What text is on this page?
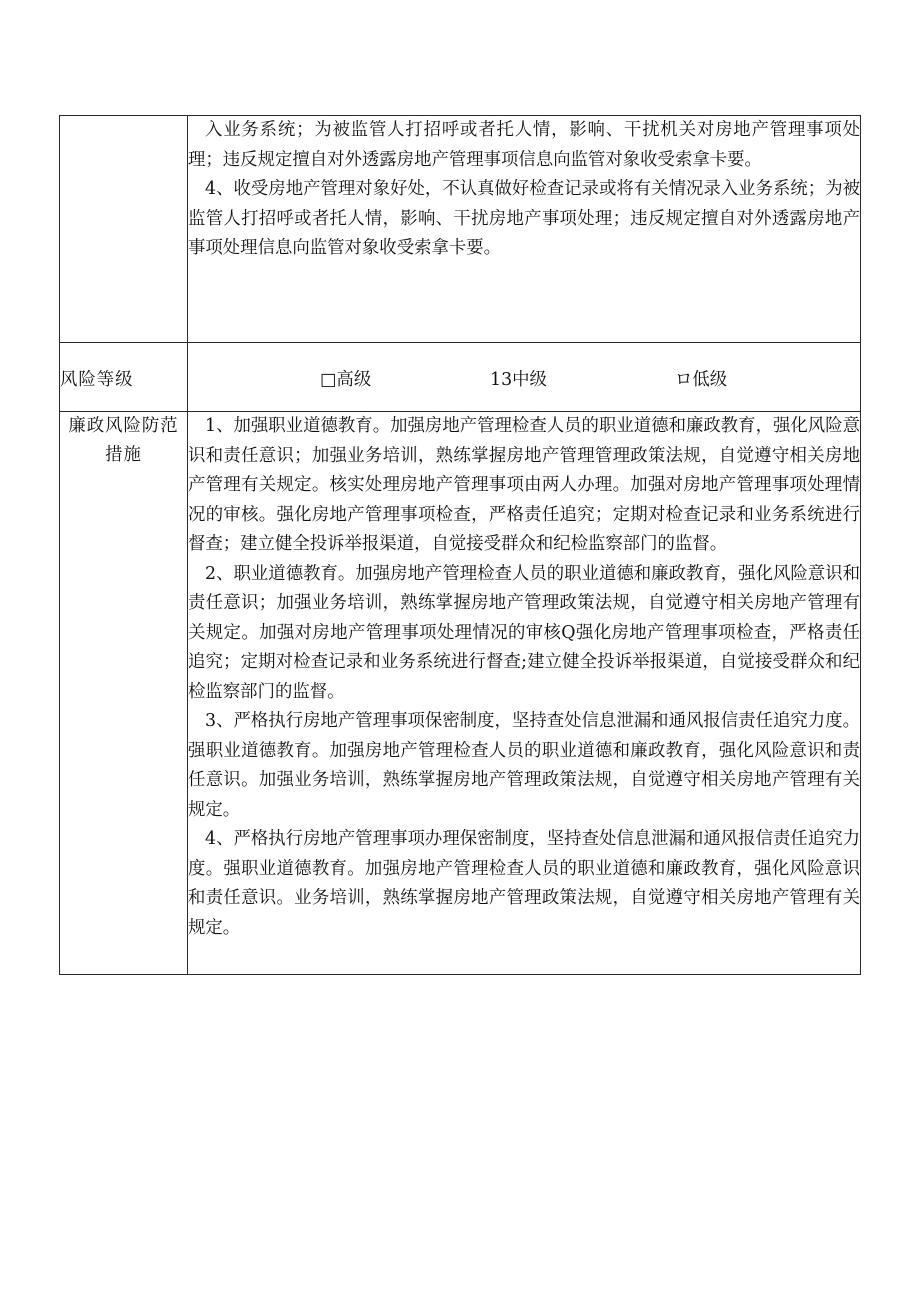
	入业务系统；为被监管人打招呼或者托人情，影响、干扰机关对房地产管理事项处理；违反规定擅自对外透露房地产管理事项信息向监管对象收受索拿卡要。

4、收受房地产管理对象好处，不认真做好检查记录或将有关情况录入业务系统；为被监管人打招呼或者托人情，影响、干扰房地产事项处理；违反规定擅自对外透露房地产事项处理信息向监管对象收受索拿卡要。

风险等级	□高级 13中级 ロ低级

廉政风险防范措施	1、加强职业道德教育。加强房地产管理检查人员的职业道德和廉政教育，强化风险意识和责任意识；加强业务培训，熟练掌握房地产管理管理政策法规，自觉遵守相关房地产管理有关规定。核实处理房地产管理事项由两人办理。加强对房地产管理事项处理情况的审核。强化房地产管理事项检查，严格责任追究；定期对检查记录和业务系统进行督查；建立健全投诉举报渠道，自觉接受群众和纪检监察部门的监督。

2、职业道德教育。加强房地产管理检查人员的职业道德和廉政教育，强化风险意识和责任意识；加强业务培训，熟练掌握房地产管理政策法规，自觉遵守相关房地产管理有关规定。加强对房地产管理事项处理情况的审核Q强化房地产管理事项检查，严格责任追究；定期对检查记录和业务系统进行督查;建立健全投诉举报渠道，自觉接受群众和纪检监察部门的监督。

3、严格执行房地产管理事项保密制度，坚持查处信息泄漏和通风报信责任追究力度。强职业道德教育。加强房地产管理检查人员的职业道德和廉政教育，强化风险意识和责任意识。加强业务培训，熟练掌握房地产管理政策法规，自觉遵守相关房地产管理有关规定。

4、严格执行房地产管理事项办理保密制度，坚持查处信息泄漏和通风报信责任追究力度。强职业道德教育。加强房地产管理检查人员的职业道德和廉政教育，强化风险意识和责任意识。业务培训，熟练掌握房地产管理政策法规，自觉遵守相关房地产管理有关规定。
